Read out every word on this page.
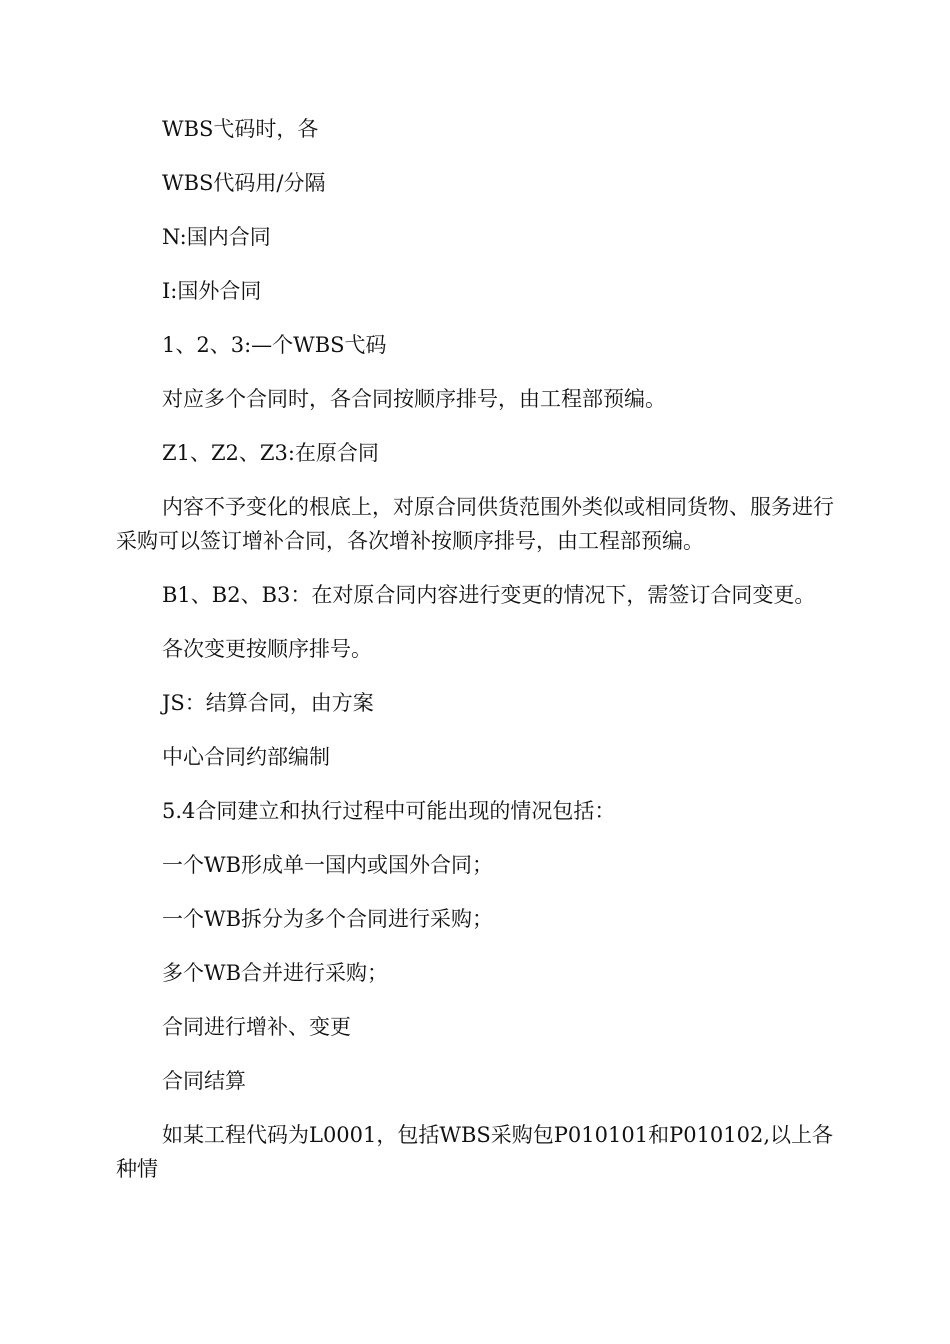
WBS弋码时，各

WBS代码用/分隔

N:国内合同

I:国外合同

1、2、3:—个WBS弋码

对应多个合同时，各合同按顺序排号，由工程部预编。

Z1、Z2、Z3:在原合同

内容不予变化的根底上，对原合同供货范围外类似或相同货物、服务进行采购可以签订增补合同，各次增补按顺序排号，由工程部预编。

B1、B2、B3：在对原合同内容进行变更的情况下，需签订合同变更。

各次变更按顺序排号。

JS：结算合同，由方案

中心合同约部编制

5.4合同建立和执行过程中可能出现的情况包括：

一个WB形成单一国内或国外合同；

一个WB拆分为多个合同进行采购；

多个WB合并进行采购；

合同进行增补、变更

合同结算

如某工程代码为L0001，包括WBS采购包P010101和P010102,以上各种情
